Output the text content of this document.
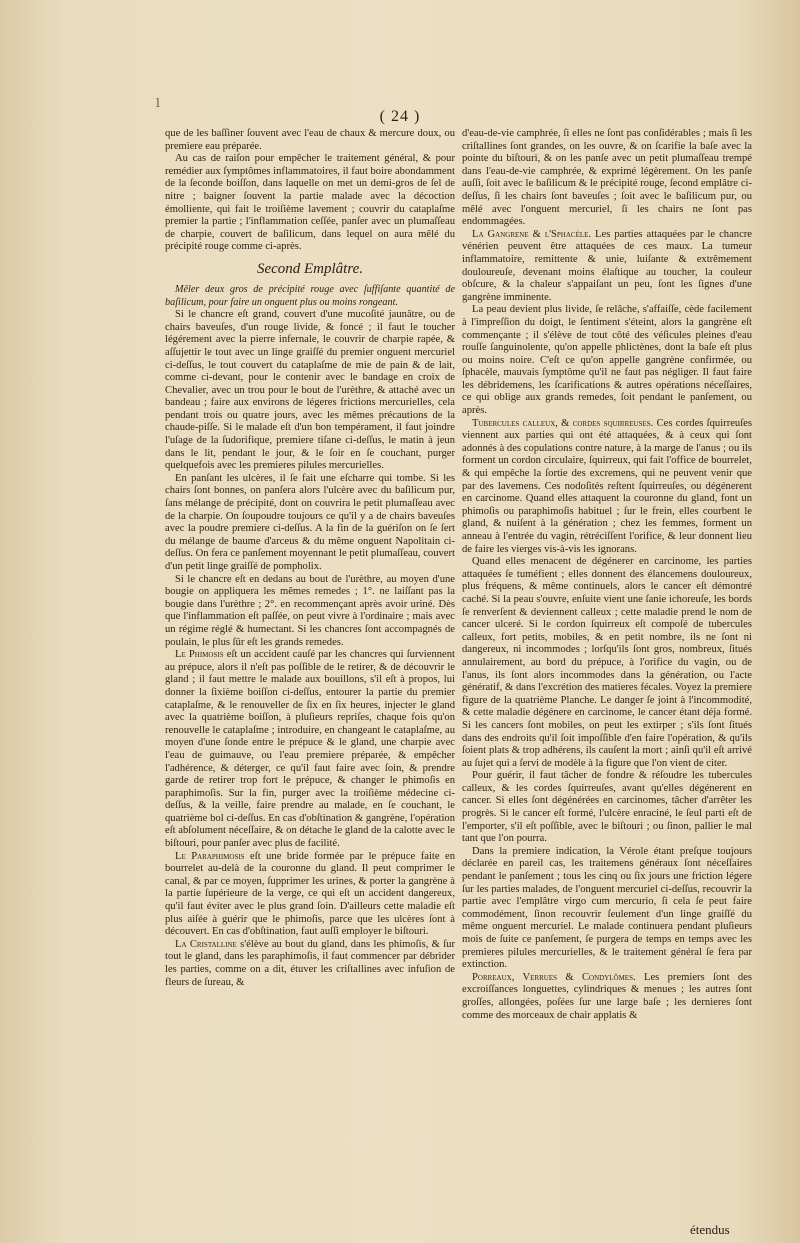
l
( 24 )

que de les baſſiner ſouvent avec l'eau de chaux & mercure doux, ou premiere eau préparée.

Au cas de raiſon pour empêcher le traitement général, & pour remédier aux ſymptômes inflammatoires, il faut boire abondamment de la ſeconde boiſſon, dans laquelle on met un demi-gros de ſel de nitre ; baigner ſouvent la partie malade avec la décoction émolliente, qui fait le troiſième lavement ; couvrir du cataplaſme premier la partie ; l'inflammation ceſſée, panſer avec un plumaſſeau de charpie, couvert de baſilicum, dans lequel on aura mêlé du précipité rouge comme ci-après.

Second Emplâtre.

Mêler deux gros de précipité rouge avec ſuffiſante quantité de baſilicum, pour faire un onguent plus ou moins rongeant.

Si le chancre eſt grand, couvert d'une mucoſité jaunâtre, ou de chairs baveuſes, d'un rouge livide, & foncé ; il faut le toucher légérement avec la pierre infernale, le couvrir de charpie rapée, & aſſujettir le tout avec un linge graiſſé du premier onguent mercuriel ci-deſſus, le tout couvert du cataplaſme de mie de pain & de lait, comme ci-devant, pour le contenir avec le bandage en croix de Chevalier, avec un trou pour le bout de l'urèthre, & attaché avec un bandeau ; faire aux environs de légeres frictions mercurielles, cela pendant trois ou quatre jours, avec les mêmes précautions de la chaude-piſſe. Si le malade eſt d'un bon tempérament, il faut joindre l'uſage de la ſudorifique, premiere tiſane ci-deſſus, le matin à jeun dans le lit, pendant le jour, & le ſoir en ſe couchant, purger quelquefois avec les premieres pilules mercurielles.

En panſant les ulcères, il ſe fait une eſcharre qui tombe. Si les chairs ſont bonnes, on panſera alors l'ulcère avec du baſilicum pur, ſans mélange de précipité, dont on couvrira le petit plumaſſeau avec de la charpie. On ſoupoudre toujours ce qu'il y a de chairs baveuſes avec la poudre premiere ci-deſſus. A la fin de la guériſon on ſe ſert du mélange de baume d'arceus & du même onguent Napolitain ci-deſſus. On fera ce panſement moyennant le petit plumaſſeau, couvert d'un petit linge graiſſé de pompholix.

Si le chancre eſt en dedans au bout de l'urèthre, au moyen d'une bougie on appliquera les mêmes remedes ; 1°. ne laiſſant pas la bougie dans l'urèthre ; 2°. en recommençant après avoir uriné. Dès que l'inflammation eſt paſſée, on peut vivre à l'ordinaire ; mais avec un régime réglé & humectant. Si les chancres ſont accompagnés de poulain, le plus ſûr eſt les grands remedes.

Le Phimosis eſt un accident cauſé par les chancres qui ſurviennent au prépuce, alors il n'eſt pas poſſible de le retirer, & de découvrir le gland ; il faut mettre le malade aux bouillons, s'il eſt à propos, lui donner la ſixième boiſſon ci-deſſus, entourer la partie du premier cataplaſme, & le renouveller de ſix en ſix heures, injecter le gland avec la quatrième boiſſon, à pluſieurs repriſes, chaque fois qu'on renouvelle le cataplaſme ; introduire, en changeant le cataplaſme, au moyen d'une ſonde entre le prépuce & le gland, une charpie avec l'eau de guimauve, ou l'eau premiere préparée, & empêcher l'adhérence, & déterger, ce qu'il faut faire avec ſoin, & prendre garde de retirer trop fort le prépuce, & changer le phimoſis en paraphimoſis. Sur la fin, purger avec la troiſième médecine ci-deſſus, & la veille, faire prendre au malade, en ſe couchant, le quatrième bol ci-deſſus. En cas d'obſtination & gangrène, l'opération eſt abſolument néceſſaire, & on détache le gland de la calotte avec le biſtouri, pour panſer avec plus de facilité.

Le Paraphimosis eſt une bride formée par le prépuce faite en bourrelet au-delà de la couronne du gland. Il peut comprimer le canal, & par ce moyen, ſupprimer les urines, & porter la gangrène à la partie ſupérieure de la verge, ce qui eſt un accident dangereux, qu'il faut éviter avec le plus grand ſoin. D'ailleurs cette maladie eſt plus aiſée à guérir que le phimoſis, parce que les ulcères ſont à découvert. En cas d'obſtination, faut auſſi employer le biſtouri.

La Cristalline s'élève au bout du gland, dans les phimoſis, & ſur tout le gland, dans les paraphimoſis, il faut commencer par débrider les parties, comme on a dit, étuver les criſtallines avec infuſion de fleurs de ſureau, &

d'eau-de-vie camphrée, ſi elles ne ſont pas conſidérables ; mais ſi les criſtallines ſont grandes, on les ouvre, & on ſcarifie la baſe avec la pointe du biſtouri, & on les panſe avec un petit plumaſſeau trempé dans l'eau-de-vie camphrée, & exprimé légèrement. On les panſe auſſi, ſoit avec le baſilicum & le précipité rouge, ſecond emplâtre ci-deſſus, ſi les chairs ſont baveuſes ; ſoit avec le baſilicum pur, ou mêlé avec l'onguent mercuriel, ſi les chairs ne ſont pas endommagées.

La Gangrene & l'Sphacèle. Les parties attaquées par le chancre vénérien peuvent être attaquées de ces maux. La tumeur inflammatoire, remittente & unie, luiſante & extrêmement douloureuſe, devenant moins élaſtique au toucher, la couleur obſcure, & la chaleur s'appaiſant un peu, ſont les ſignes d'une gangrène imminente.

La peau devient plus livide, ſe relâche, s'affaiſſe, cède facilement à l'impreſſion du doigt, le ſentiment s'éteint, alors la gangrène eſt commençante ; il s'élève de tout côté des véſicules pleines d'eau rouſſe ſanguinolente, qu'on appelle phlictènes, dont la baſe eſt plus ou moins noire. C'eſt ce qu'on appelle gangrène confirmée, ou ſphacèle, mauvais ſymptôme qu'il ne faut pas négliger. Il faut faire les débridemens, les ſcarifications & autres opérations néceſſaires, ce qui oblige aux grands remedes, ſoit pendant le panſement, ou après.

Tubercules calleux, & cordes ſquirreuſes. Ces cordes ſquirreuſes viennent aux parties qui ont été attaquées, & à ceux qui ſont adonnés à des copulations contre nature, à la marge de l'anus ; ou ils forment un cordon circulaire, ſquirreux, qui fait l'office de bourrelet, & qui empêche la ſortie des excremens, qui ne peuvent venir que par des lavemens. Ces nodoſités reſtent ſquirreuſes, ou dégénerent en carcinome. Quand elles attaquent la couronne du gland, font un phimoſis ou paraphimoſis habituel ; ſur le frein, elles courbent le gland, & nuiſent à la génération ; chez les femmes, forment un anneau à l'entrée du vagin, rétréciſſent l'orifice, & leur donnent lieu de faire les vierges vis-à-vis les ignorans.

Quand elles menacent de dégénerer en carcinome, les parties attaquées ſe tuméfient ; elles donnent des élancemens douloureux, plus fréquens, & même continuels, alors le cancer eſt démontré caché. Si la peau s'ouvre, enſuite vient une ſanie ichoreuſe, les bords ſe renverſent & deviennent calleux ; cette maladie prend le nom de cancer ulceré. Si le cordon ſquirreux eſt compoſé de tubercules calleux, fort petits, mobiles, & en petit nombre, ils ne ſont ni dangereux, ni incommodes ; lorſqu'ils ſont gros, nombreux, ſitués annulairement, au bord du prépuce, à l'orifice du vagin, ou de l'anus, ils ſont alors incommodes dans la génération, ou l'acte génératif, & dans l'excrétion des matieres fécales. Voyez la premiere figure de la quatrième Planche. Le danger ſe joint à l'incommodité, & cette maladie dégénere en carcinome, le cancer étant déja formé. Si les cancers ſont mobiles, on peut les extirper ; s'ils ſont ſitués dans des endroits qu'il ſoit impoſſible d'en faire l'opération, & qu'ils ſoient plats & trop adhérens, ils cauſent la mort ; ainſi qu'il eſt arrivé au ſujet qui a ſervi de modèle à la figure que l'on vient de citer.

Pour guérir, il faut tâcher de fondre & réſoudre les tubercules calleux, & les cordes ſquirreuſes, avant qu'elles dégénerent en cancer. Si elles ſont dégénérées en carcinomes, tâcher d'arrêter les progrès. Si le cancer eſt formé, l'ulcère enraciné, le ſeul parti eſt de l'emporter, s'il eſt poſſible, avec le biſtouri ; ou ſinon, pallier le mal tant que l'on pourra.

Dans la premiere indication, la Vérole étant preſque toujours déclarée en pareil cas, les traitemens généraux ſont néceſſaires pendant le panſement ; tous les cinq ou ſix jours une friction légere ſur les parties malades, de l'onguent mercuriel ci-deſſus, recouvrir la partie avec l'emplâtre virgo cum mercurio, ſi cela ſe peut faire commodément, ſinon recouvrir ſeulement d'un linge graiſſé du même onguent mercuriel. Le malade continuera pendant pluſieurs mois de ſuite ce panſement, ſe purgera de temps en temps avec les premieres pilules mercurielles, & le traitement général ſe fera par extinction.

Porreaux, Verrues & Condylômes. Les premiers ſont des excroiſſances longuettes, cylindriques & menues ; les autres ſont groſſes, allongées, poſées ſur une large baſe ; les dernieres ſont comme des morceaux de chair applatis &

étendus
